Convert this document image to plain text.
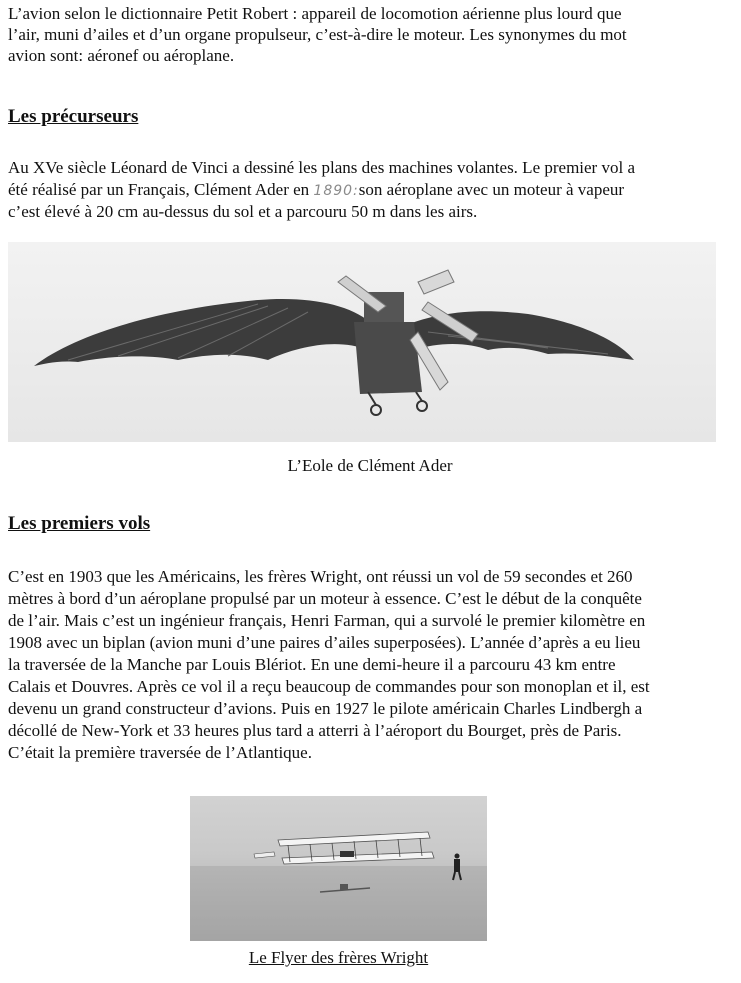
L’avion selon le dictionnaire Petit Robert : appareil de locomotion aérienne plus lourd que

l’air, muni d’ailes et d’un organe propulseur, c’est-à-dire le moteur. Les synonymes du mot

avion sont: aéronef ou aéroplane.

Les précurseurs

Au XVe siècle Léonard de Vinci a dessiné les plans des machines volantes. Le premier vol a

été réalisé par un Français, Clément Ader en 1890:son aéroplane avec un moteur à vapeur

c’est élevé à 20 cm au-dessus du sol et a parcouru 50 m dans les airs.

L’Eole de Clément Ader

Les premiers vols

C’est en 1903 que les Américains, les frères Wright, ont réussi un vol de 59 secondes et 260

mètres à bord d’un aéroplane propulsé par un moteur à essence. C’est le début de la conquête

de l’air. Mais c’est un ingénieur français, Henri Farman, qui a survolé le premier kilomètre en

1908 avec un biplan (avion muni d’une paires d’ailes superposées). L’année d’après a eu lieu

la traversée de la Manche par Louis Blériot. En une demi-heure il a parcouru 43 km entre

Calais et Douvres. Après ce vol il a reçu beaucoup de commandes pour son monoplan et il, est

devenu un grand constructeur d’avions. Puis en 1927 le pilote américain Charles Lindbergh a

décollé de New-York et 33 heures plus tard a atterri à l’aéroport du Bourget, près de Paris.

C’était la première traversée de l’Atlantique.

Le Flyer des frères Wright
